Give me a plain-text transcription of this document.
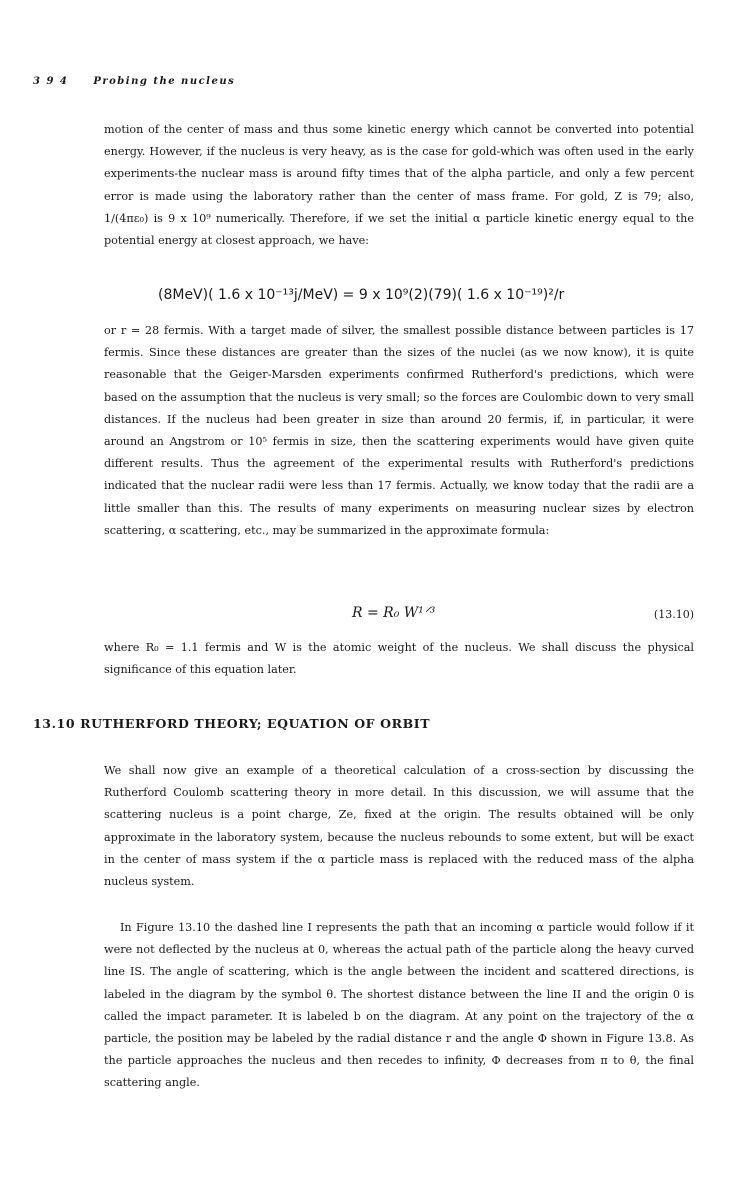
3 9 4 Probing the nucleus

motion of the center of mass and thus some kinetic energy which cannot be converted into potential energy. However, if the nucleus is very heavy, as is the case for gold-which was often used in the early experiments-the nuclear mass is around fifty times that of the alpha particle, and only a few percent error is made using the laboratory rather than the center of mass frame. For gold, Z is 79; also, 1/(4πε₀) is 9 x 10⁹ numerically. Therefore, if we set the initial α particle kinetic energy equal to the potential energy at closest approach, we have:

(8MeV)( 1.6 x 10⁻¹³j/MeV) = 9 x 10⁹(2)(79)( 1.6 x 10⁻¹⁹)²/r

or r = 28 fermis. With a target made of silver, the smallest possible distance between particles is 17 fermis. Since these distances are greater than the sizes of the nuclei (as we now know), it is quite reasonable that the Geiger-Marsden experiments confirmed Rutherford's predictions, which were based on the assumption that the nucleus is very small; so the forces are Coulombic down to very small distances. If the nucleus had been greater in size than around 20 fermis, if, in particular, it were around an Angstrom or 10⁵ fermis in size, then the scattering experiments would have given quite different results. Thus the agreement of the experimental results with Rutherford's predictions indicated that the nuclear radii were less than 17 fermis. Actually, we know today that the radii are a little smaller than this. The results of many experiments on measuring nuclear sizes by electron scattering, α scattering, etc., may be summarized in the approximate formula:

R = R₀ W¹ᐟ³	(13.10)

where R₀ = 1.1 fermis and W is the atomic weight of the nucleus. We shall discuss the physical significance of this equation later.

13.10 RUTHERFORD THEORY; EQUATION OF ORBIT

We shall now give an example of a theoretical calculation of a cross-section by discussing the Rutherford Coulomb scattering theory in more detail. In this discussion, we will assume that the scattering nucleus is a point charge, Ze, fixed at the origin. The results obtained will be only approximate in the laboratory system, because the nucleus rebounds to some extent, but will be exact in the center of mass system if the α particle mass is replaced with the reduced mass of the alpha nucleus system.

In Figure 13.10 the dashed line I represents the path that an incoming α particle would follow if it were not deflected by the nucleus at 0, whereas the actual path of the particle along the heavy curved line IS. The angle of scattering, which is the angle between the incident and scattered directions, is labeled in the diagram by the symbol θ. The shortest distance between the line II and the origin 0 is called the impact parameter. It is labeled b on the diagram. At any point on the trajectory of the α particle, the position may be labeled by the radial distance r and the angle Φ shown in Figure 13.8. As the particle approaches the nucleus and then recedes to infinity, Φ decreases from π to θ, the final scattering angle.
